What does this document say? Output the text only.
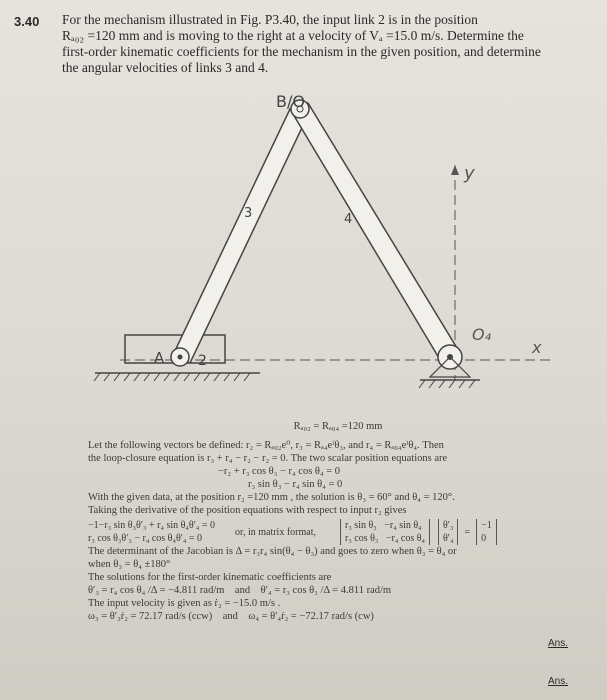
3.40 For the mechanism illustrated in Fig. P3.40, the input link 2 is in the position
Rₐ₀₂ =120 mm and is moving to the right at a velocity of Vₐ =15.0 m/s. Determine the
first-order kinematic coefficients for the mechanism in the given position, and determine
the angular velocities of links 3 and 4.
B/O
3	4
y
O₄
x
A 2
Rₐ₀₂ = Rₐ₀₄ =120 mm
Let the following vectors be defined: r₂ = Rₐ₀₂e⁰, r₃ = Rₐ₄eⁱθ₃, and r₄ = Rₐ₀₄eⁱθ₄. Then
the loop-closure equation is r₃ + r₄ − r₂ − r₂ = 0. The two scalar position equations are
−r₂ + r₃ cos θ₃ − r₄ cos θ₄ = 0
r₃ sin θ₃ − r₄ sin θ₄ = 0
With the given data, at the position r₂ =120 mm , the solution is θ₃ = 60° and θ₄ = 120°.
Taking the derivative of the position equations with respect to input r₂ gives
−1−r₃ sin θ₃θ′₃ + r₄ sin θ₄θ′₄ = 0
r₃ cos θ₃θ′₃ − r₄ cos θ₄θ′₄ = 0
or, in matrix format,
r₃ sin θ₃ −r₄ sin θ₄
r₃ cos θ₃ −r₄ cos θ₄
θ′₃
θ′₄
=
−1
0
The determinant of the Jacobian is Δ = r₃r₄ sin(θ₄ − θ₃) and goes to zero when θ₃ = θ₄ or
when θ₃ = θ₄ ±180°
The solutions for the first-order kinematic coefficients are
θ′₃ = r₄ cos θ₄ /Δ = −4.811 rad/m and θ′₄ = r₃ cos θ₃ /Δ = 4.811 rad/m
The input velocity is given as ṙ₂ = −15.0 m/s .
ω₃ = θ′₃ṙ₂ = 72.17 rad/s (ccw) and ω₄ = θ′₄ṙ₂ = −72.17 rad/s (cw)
Ans.
Ans.
